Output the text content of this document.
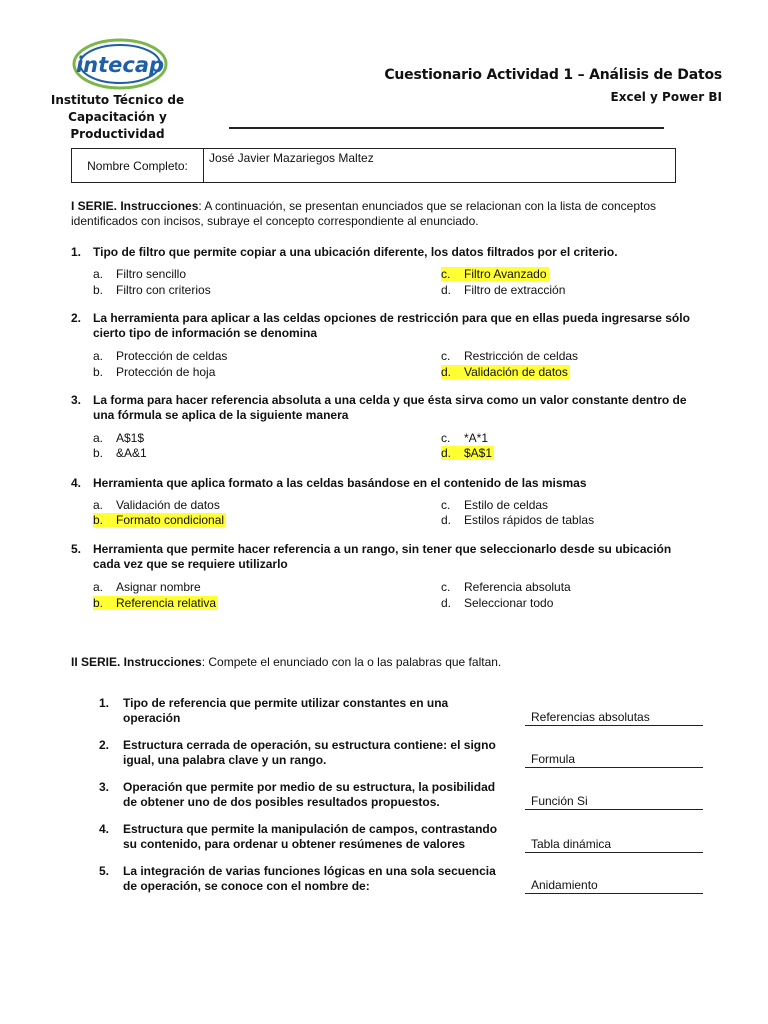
intecap
Instituto Técnico de
Capacitación y Productividad
Cuestionario Actividad 1 – Análisis de Datos
Excel y Power BI
Nombre Completo:
José Javier Mazariegos Maltez
I SERIE. Instrucciones: A continuación, se presentan enunciados que se relacionan con la lista de conceptos
identificados con incisos, subraye el concepto correspondiente al enunciado.
1. Tipo de filtro que permite copiar a una ubicación diferente, los datos filtrados por el criterio.
a.	Filtro sencillo
b.	Filtro con criterios
c.	Filtro Avanzado
d.	Filtro de extracción
2. La herramienta para aplicar a las celdas opciones de restricción para que en ellas pueda ingresarse sólo
cierto tipo de información se denomina
a.	Protección de celdas
b.	Protección de hoja
c.	Restricción de celdas
d.	Validación de datos
3. La forma para hacer referencia absoluta a una celda y que ésta sirva como un valor constante dentro de
una fórmula se aplica de la siguiente manera
a.	A$1$
b.	&A&1
c.	*A*1
d.	$A$1
4. Herramienta que aplica formato a las celdas basándose en el contenido de las mismas
a.	Validación de datos
b.	Formato condicional
c.	Estilo de celdas
d.	Estilos rápidos de tablas
5. Herramienta que permite hacer referencia a un rango, sin tener que seleccionarlo desde su ubicación
cada vez que se requiere utilizarlo
a.	Asignar nombre
b.	Referencia relativa
c.	Referencia absoluta
d.	Seleccionar todo
II SERIE. Instrucciones: Compete el enunciado con la o las palabras que faltan.
1.	Tipo de referencia que permite utilizar constantes en una
operación	Referencias absolutas
2.	Estructura cerrada de operación, su estructura contiene: el signo
igual, una palabra clave y un rango.	Formula
3.	Operación que permite por medio de su estructura, la posibilidad
de obtener uno de dos posibles resultados propuestos.	Función Si
4.	Estructura que permite la manipulación de campos, contrastando
su contenido, para ordenar u obtener resúmenes de valores	Tabla dinámica
5.	La integración de varias funciones lógicas en una sola secuencia
de operación, se conoce con el nombre de:	Anidamiento
